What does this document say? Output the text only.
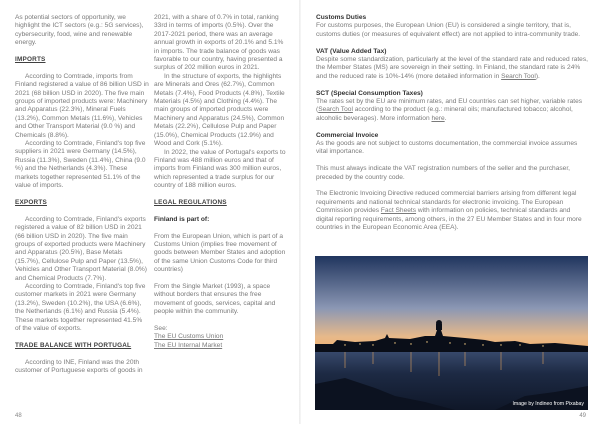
As potential sectors of opportunity, we highlight the ICT sectors (e.g.: 5G services), cybersecurity, food, wine and renewable energy.

IMPORTS

According to Comtrade, imports from Finland registered a value of 86 billion USD in 2021 (68 billion USD in 2020). The five main groups of imported products were: Machinery and Apparatus (22.3%), Mineral Fuels (13.2%), Common Metals (11.6%), Vehicles and Other Transport Material (9.0 %) and Chemicals (8.8%).

According to Comtrade, Finland's top five suppliers in 2021 were Germany (14.5%), Russia (11.3%), Sweden (11.4%), China (9.0 %) and the Netherlands (4.3%). These markets together represented 51.1% of the value of imports.

EXPORTS

According to Comtrade, Finland's exports registered a value of 82 billion USD in 2021 (66 billion USD in 2020). The five main groups of exported products were Machinery and Apparatus (20.5%), Base Metals (15.7%), Cellulose Pulp and Paper (13.5%), Vehicles and Other Transport Material (8.0%) and Chemical Products (7.7%).

According to Comtrade, Finland's top five customer markets in 2021 were Germany (13.2%), Sweden (10.2%), the USA (6.6%), the Netherlands (6.1%) and Russia (5.4%). These markets together represented 41.5% of the value of exports.

TRADE BALANCE WITH PORTUGAL

According to INE, Finland was the 20th customer of Portuguese exports of goods in

2021, with a share of 0.7% in total, ranking 33rd in terms of imports (0.5%). Over the 2017-2021 period, there was an average annual growth in exports of 20.1% and 5.1% in imports. The trade balance of goods was favorable to our country, having presented a surplus of 202 million euros in 2021.

In the structure of exports, the highlights are Minerals and Ores (62.7%), Common Metals (7.4%), Food Products (4.8%), Textile Materials (4.5%) and Clothing (4.4%). The main groups of imported products were Machinery and Apparatus (24.5%), Common Metals (22.2%), Cellulose Pulp and Paper (15.0%), Chemical Products (12.9%) and Wood and Cork (5.1%).

In 2022, the value of Portugal's exports to Finland was 488 million euros and that of imports from Finland was 300 million euros, which represented a trade surplus for our country of 188 million euros.

LEGAL REGULATIONS

Finland is part of:

From the European Union, which is part of a Customs Union (implies free movement of goods between Member States and adoption of the same Union Customs Code for third countries)

From the Single Market (1993), a space without borders that ensures the free movement of goods, services, capital and people within the community.

See:

The EU Customs Union

The EU Internal Market

Customs Duties

For customs purposes, the European Union (EU) is considered a single territory, that is, customs duties (or measures of equivalent effect) are not applied to intra-community trade.

VAT (Value Added Tax)

Despite some standardization, particularly at the level of the standard rate and reduced rates, the Member States (MS) are sovereign in their setting. In Finland, the standard rate is 24% and the reduced rate is 10%-14% (more detailed information in Search Tool).

SCT (Special Consumption Taxes)

The rates set by the EU are minimum rates, and EU countries can set higher, variable rates (Search Tool according to the product (e.g.: mineral oils; manufactured tobacco; alcohol, alcoholic beverages). More information here.

Commercial Invoice

As the goods are not subject to customs documentation, the commercial invoice assumes vital importance.

This must always indicate the VAT registration numbers of the seller and the purchaser, preceded by the country code.

The Electronic Invoicing Directive reduced commercial barriers arising from different legal requirements and national technical standards for electronic invoicing. The European Commission provides Fact Sheets with information on policies, technical standards and digital reporting requirements, among others, in the 27 EU Member States and in four more countries in the European Economic Area (EEA).

Image by Indineo from Pixabay
48	49
